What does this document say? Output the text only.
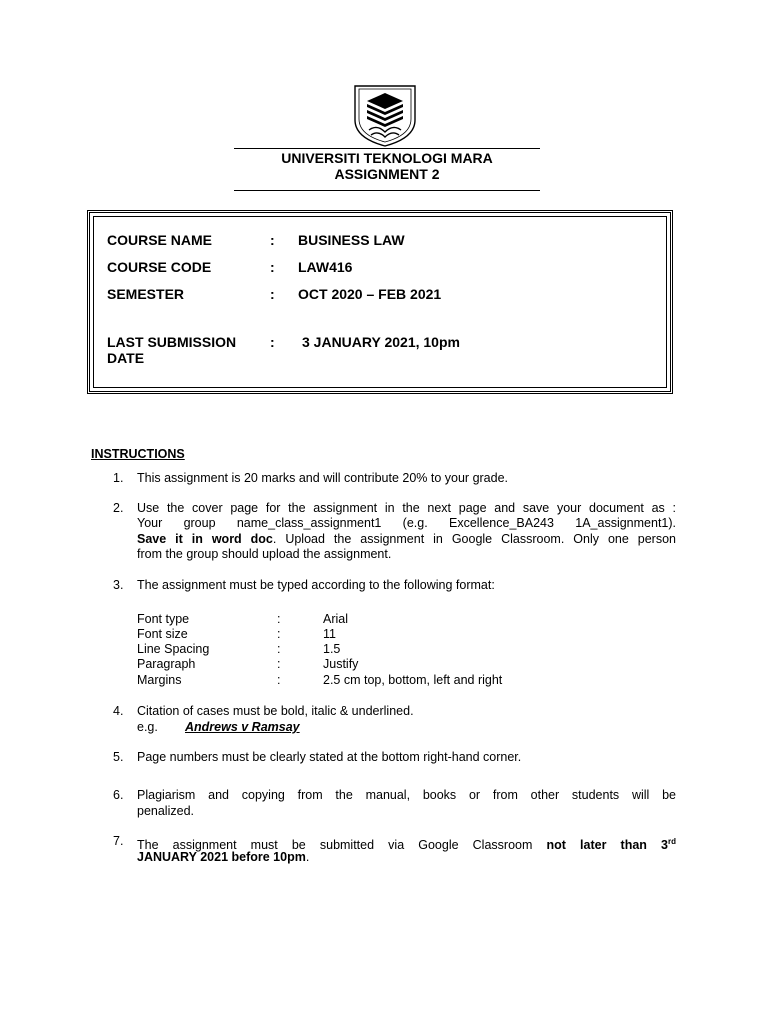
UNIVERSITI TEKNOLOGI MARA
ASSIGNMENT 2
COURSE NAME	: BUSINESS LAW
COURSE CODE	: LAW416
SEMESTER	: OCT 2020 – FEB 2021
LAST SUBMISSION
DATE
: 3 JANUARY 2021, 10pm
INSTRUCTIONS
1. This assignment is 20 marks and will contribute 20% to your grade.
2. Use the cover page for the assignment in the next page and save your document as :
Your group name_class_assignment1 (e.g. Excellence_BA243 1A_assignment1).
Save it in word doc. Upload the assignment in Google Classroom. Only one person
from the group should upload the assignment.
3. The assignment must be typed according to the following format:
Font type	:	Arial
Font size	:	11
Line Spacing	:	1.5
Paragraph	:	Justify
Margins	:	2.5 cm top, bottom, left and right
4. Citation of cases must be bold, italic & underlined.
e.g. Andrews v Ramsay
5. Page numbers must be clearly stated at the bottom right-hand corner.
6. Plagiarism and copying from the manual, books or from other students will be
penalized.
7. The assignment must be submitted via Google Classroom not later than 3rd
JANUARY 2021 before 10pm.
